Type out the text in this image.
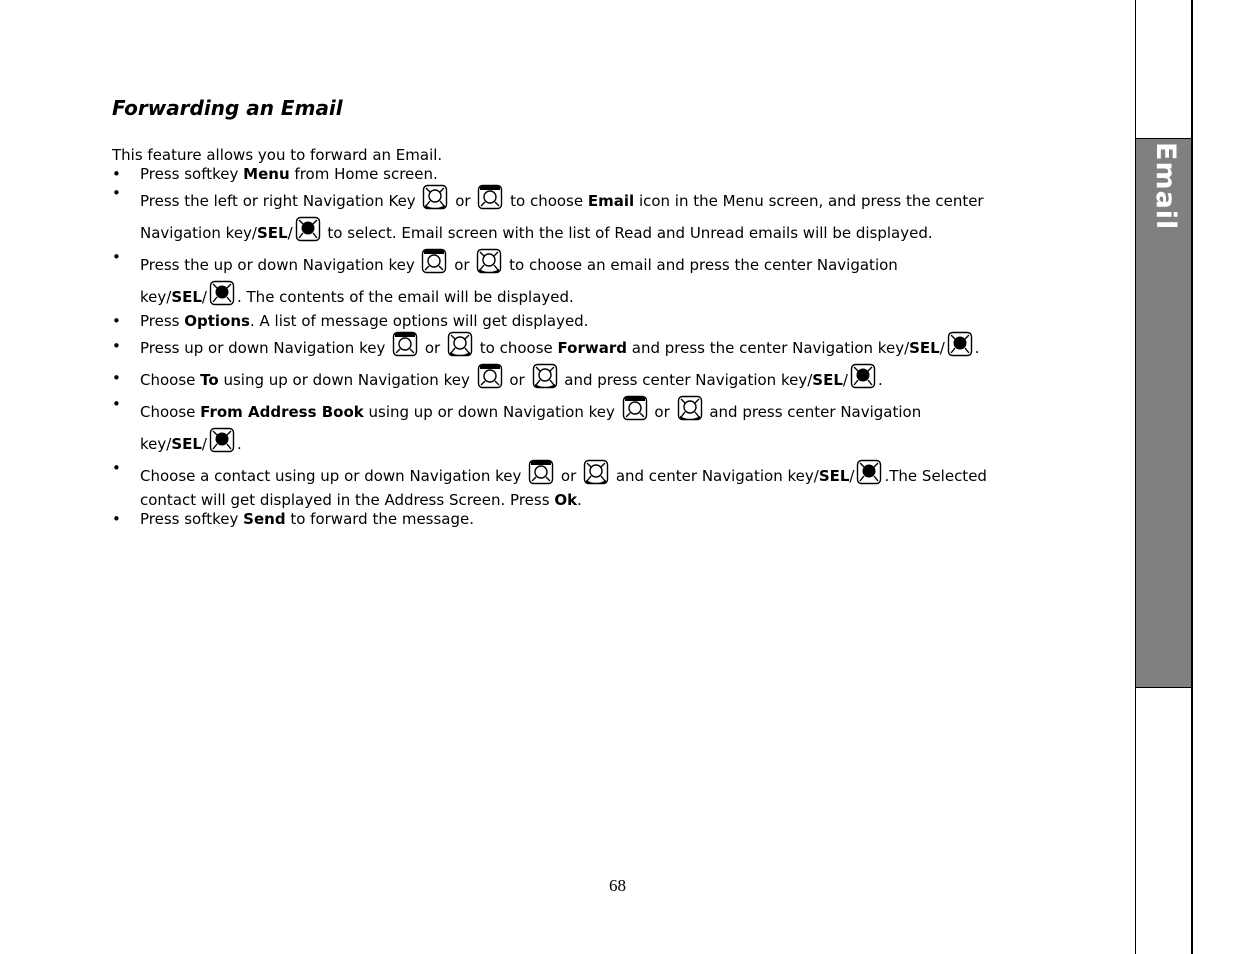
Forwarding an Email

This feature allows you to forward an Email.

• Press softkey Menu from Home screen.
• Press the left or right Navigation Key
or
to choose Email icon in the Menu screen, and press the center
Navigation key/SEL/
to select. Email screen with the list of Read and Unread emails will be displayed.
• Press the up or down Navigation key
or
to choose an email and press the center Navigation
key/SEL/ . The contents of the email will be displayed.
• Press Options. A list of message options will get displayed.
• Press up or down Navigation key
or
to choose Forward and press the center Navigation key/SEL/ .
• Choose To using up or down Navigation key
or
and press center Navigation key/SEL/ .
• Choose From Address Book using up or down Navigation key
or
and press center Navigation
key/SEL/ .
• Choose a contact using up or down Navigation key
or
and center Navigation key/SEL/ .The Selected
contact will get displayed in the Address Screen. Press Ok.
• Press softkey Send to forward the message.
68
Email
